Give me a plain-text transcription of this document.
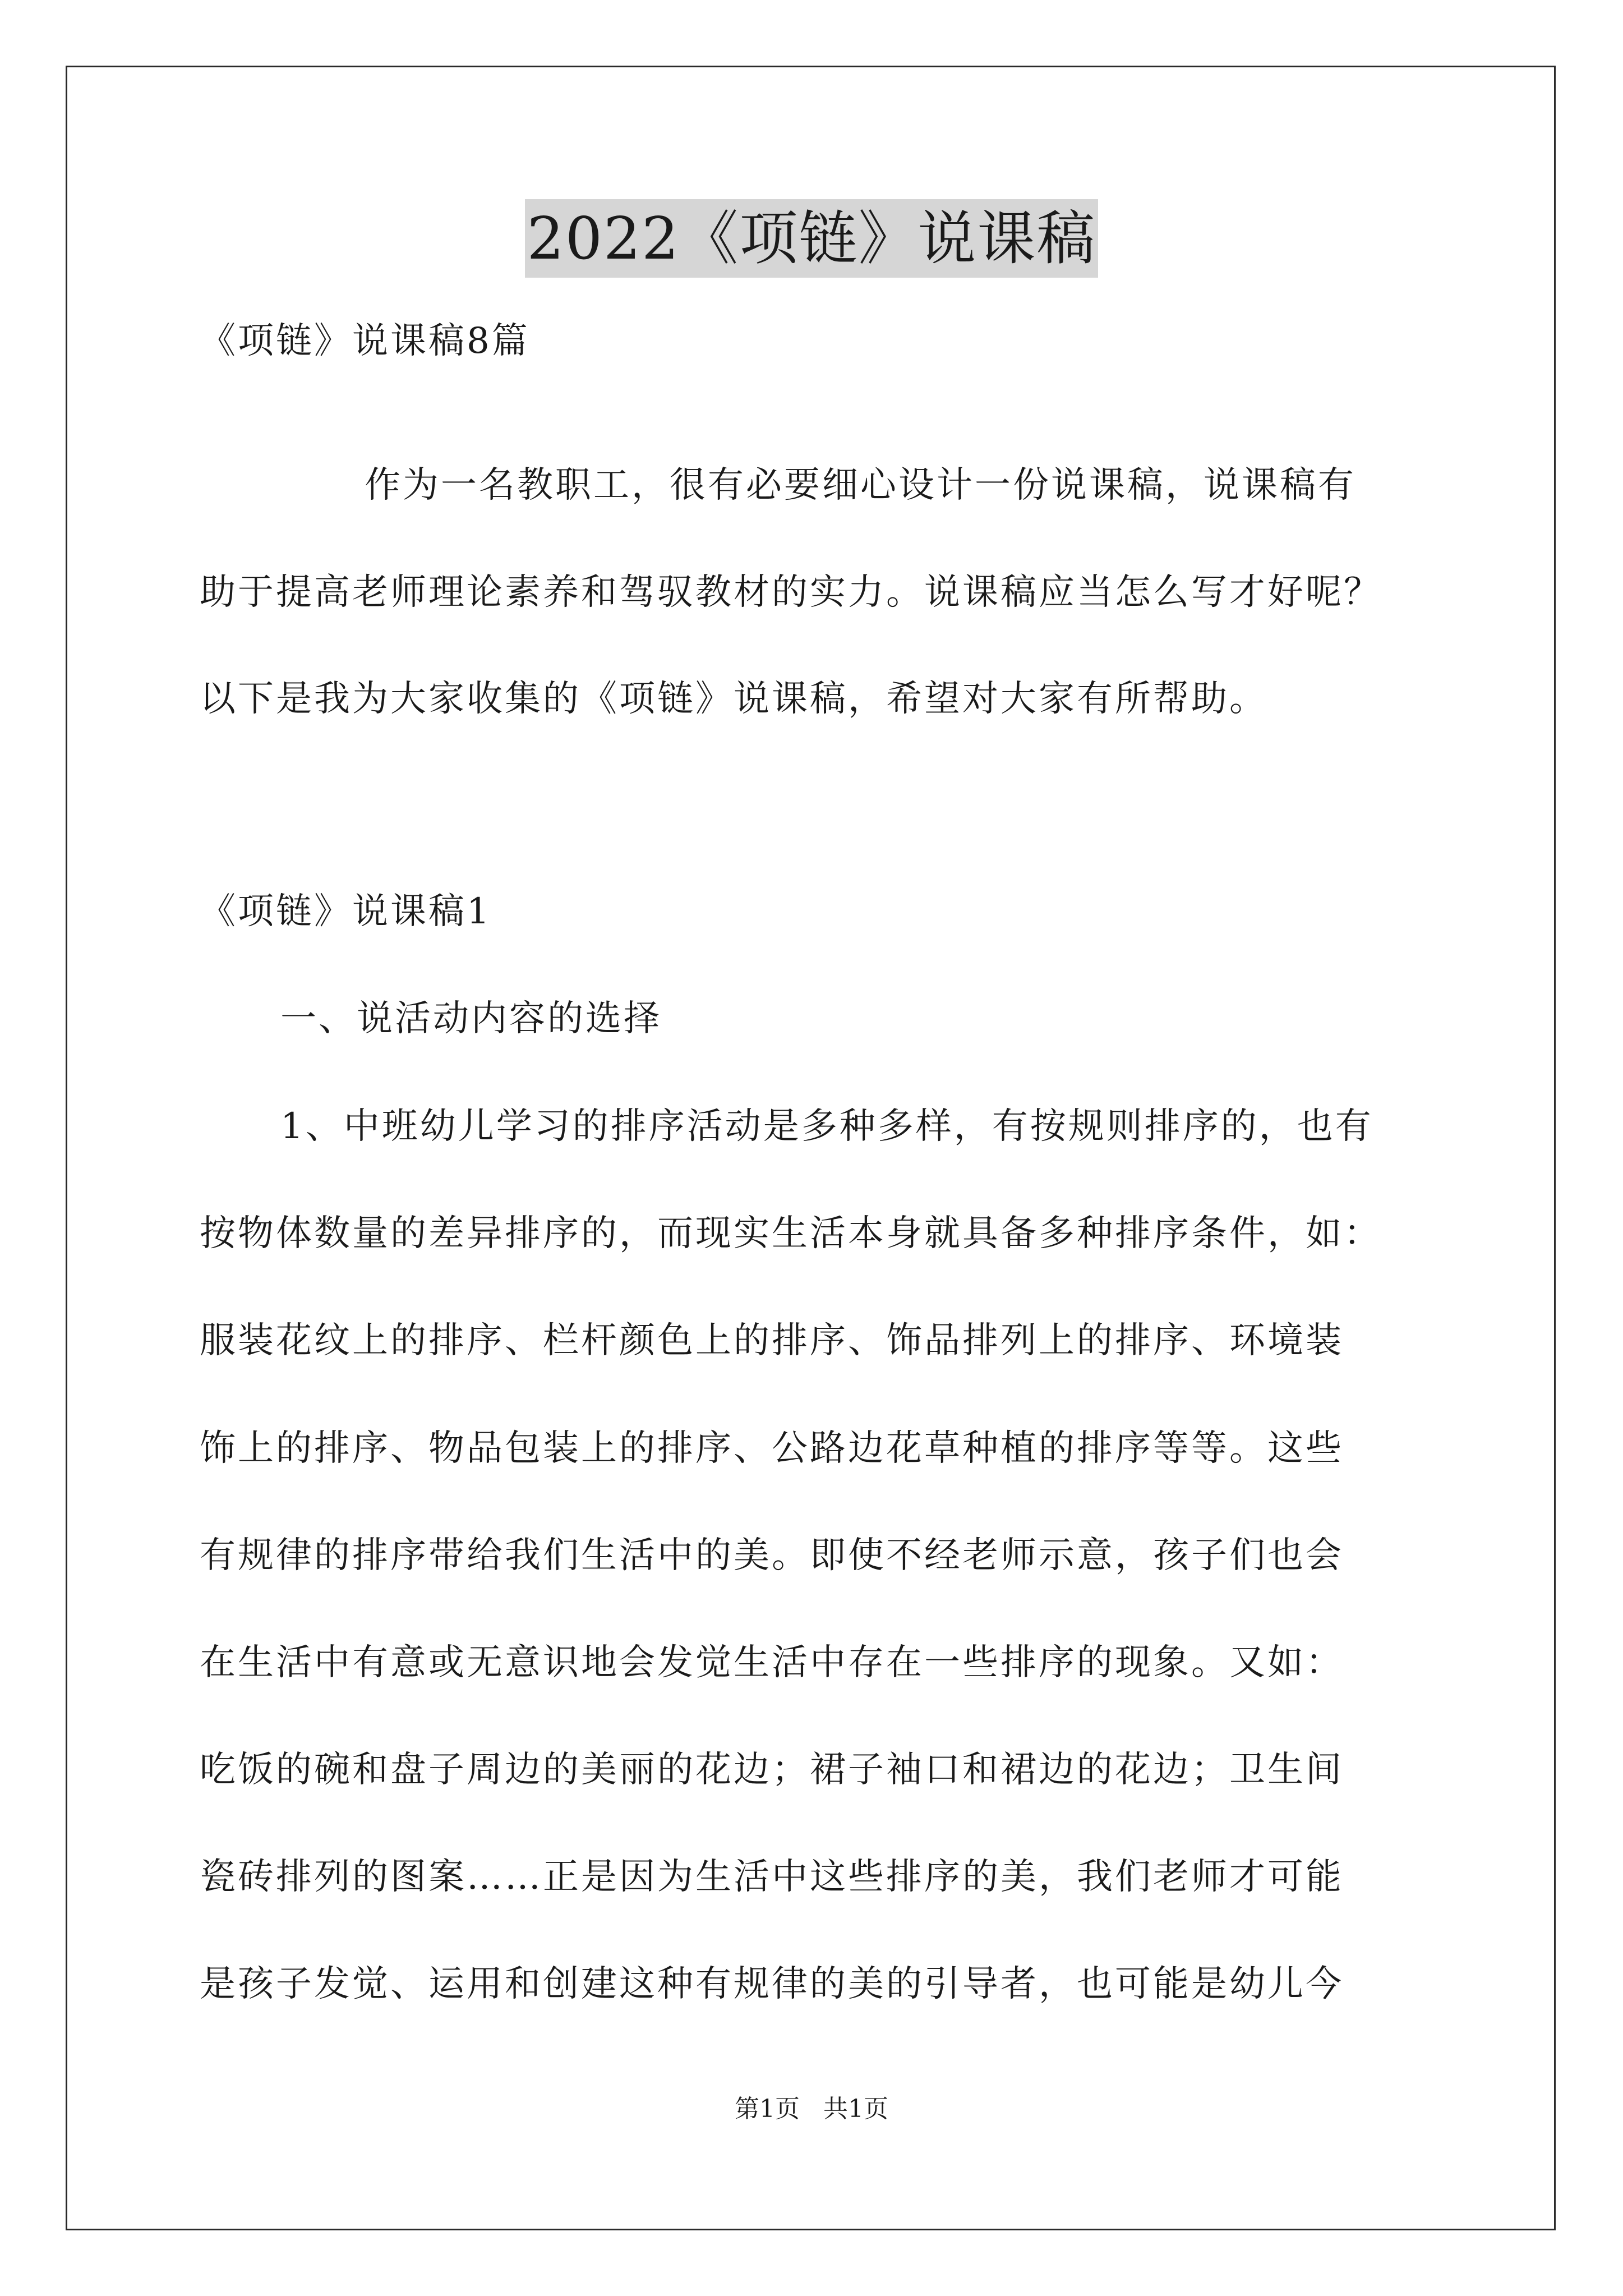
2022《项链》说课稿
《项链》说课稿8篇
作为一名教职工，很有必要细心设计一份说课稿，说课稿有
助于提高老师理论素养和驾驭教材的实力。说课稿应当怎么写才好呢？
以下是我为大家收集的《项链》说课稿，希望对大家有所帮助。
《项链》说课稿1
一、说活动内容的选择
1、中班幼儿学习的排序活动是多种多样，有按规则排序的，也有
按物体数量的差异排序的，而现实生活本身就具备多种排序条件，如：
服装花纹上的排序、栏杆颜色上的排序、饰品排列上的排序、环境装
饰上的排序、物品包装上的排序、公路边花草种植的排序等等。这些
有规律的排序带给我们生活中的美。即使不经老师示意，孩子们也会
在生活中有意或无意识地会发觉生活中存在一些排序的现象。又如：
吃饭的碗和盘子周边的美丽的花边；裙子袖口和裙边的花边；卫生间
瓷砖排列的图案……正是因为生活中这些排序的美，我们老师才可能
是孩子发觉、运用和创建这种有规律的美的引导者，也可能是幼儿今
第1页   共1页
